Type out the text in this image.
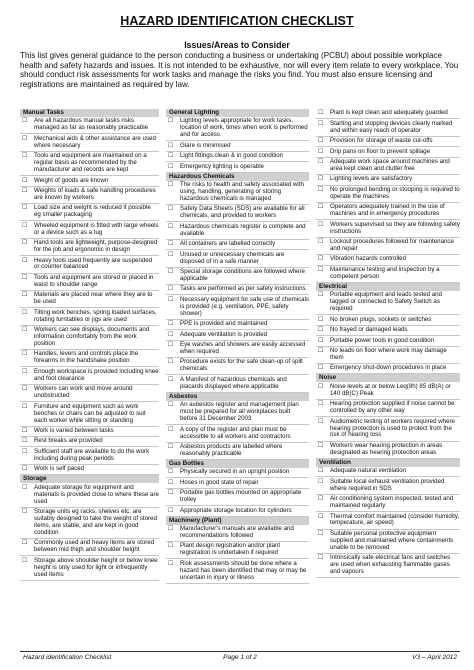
HAZARD IDENTIFICATION CHECKLIST
Issues/Areas to Consider
This list gives general guidance to the person conducting a business or undertaking (PCBU) about possible workplace health and safety hazards and issues. It is not intended to be exhaustive, nor will every item relate to every workplace. You should conduct risk assessments for work tasks and manage the risks you find. You must also ensure licensing and registrations are maintained as required by law.
Manual Tasks
☐	Are all hazardous manual tasks risks managed as far as reasonably practicable
☐	Mechanical aids & other assistance are used where necessary
☐	Tools and equipment are maintained on a regular basis as recommended by the manufacturer and records are kept
☐	Weight of goods are known
☐	Weights of loads & safe handling procedures are known by workers
☐	Load size and weight is reduced if possible eg smaller packaging
☐	Wheeled equipment is fitted with large wheels or a device such as a tug
☐	Hand tools are lightweight, purpose-designed for the job and ergonomic in design
☐	Heavy tools used frequently are suspended or counter balanced
☐	Tools and equipment are stored or placed in waist to shoulder range
☐	Materials are placed near where they are to be used
☐	Tilting work benches, spring loaded surfaces, rotating turntables or jigs are used
☐	Workers can see displays, documents and information comfortably from the work position
☐	Handles, levers and controls place the forearms in the handshake position
☐	Enough workspace is provided including knee and foot clearance
☐	Workers can work and move around unobstructed
☐	Furniture and equipment such as work benches or chairs can be adjusted to suit each worker while sitting or standing
☐	Work is varied between tasks
☐	Rest breaks are provided
☐	Sufficient staff are available to do the work including during peak periods
☐	Work is self paced
Storage
☐	Adequate storage for equipment and materials is provided close to where these are used
☐	Storage units eg racks, shelves etc. are suitably designed to take the weight of stored items, are stable, and are kept in good condition
☐	Commonly used and heavy items are stored between mid thigh and shoulder height
☐	Storage above shoulder height or below knee height is only used for light or infrequently used items
General Lighting
☐	Lighting levels appropriate for work tasks, location of work, times when work is performed and for access
☐	Glare is minimised
☐	Light fittings clean & in good condition
☐	Emergency lighting is operable
Hazardous Chemicals
☐	The risks to health and safety associated with using, handling, generating or storing hazardous chemicals is managed
☐	Safety Data Sheets (SDS) are available for all chemicals, and provided to workers
☐	Hazardous chemicals register is complete and available
☐	All containers are labelled correctly
☐	Unused or unnecessary chemicals are disposed of in a safe manner
☐	Special storage conditions are followed where applicable
☐	Tasks are performed as per safety instructions
☐	Necessary equipment for safe use of chemicals is provided (e.g. ventilation, PPE, safety shower)
☐	PPE is provided and maintained
☐	Adequate ventilation is provided
☐	Eye washes and showers are easily accessed when required
☐	Procedure exists for the safe clean-up of spilt chemicals
☐	A Manifest of hazardous chemicals and placards displayed where applicable
Asbestos
☐	An asbestos register and management plan must be prepared for all workplaces built before 31 December 2003
☐	A copy of the register and plan must be accessible to all workers and contractors
☐	Asbestos products are labelled where reasonably practicable
Gas Bottles
☐	Physically secured in an upright position
☐	Hoses in good state of repair
☐	Portable gas bottles mounted on appropriate trolley
☐	Appropriate storage location for cylinders
Machinery (Plant)
☐	Manufacturer's manuals are available and recommendations followed
☐	Plant design registration and/or plant registration is undertaken if required
☐	Risk assessments should be done where a hazard has been identified that may or may be uncertain in injury or illness
☐	Plant is kept clean and adequately guarded
☐	Starting and stopping devices clearly marked and within easy reach of operator
☐	Provision for storage of waste cut-offs
☐	Drip pans on floor to prevent spillage
☐	Adequate work space around machines and area kept clean and clutter free
☐	Lighting levels are satisfactory
☐	No prolonged bending or stooping is required to operate the machines
☐	Operators adequately trained in the use of machines and in emergency procedures
☐	Workers supervised so they are following safety instructions
☐	Lockout procedures followed for maintenance and repair
☐	Vibration hazards controlled
☐	Maintenance testing and inspection by a competent person
Electrical
☐	Portable equipment and leads tested and tagged or connected to Safety Switch as required
☐	No broken plugs, sockets or switches
☐	No frayed or damaged leads
☐	Portable power tools in good condition
☐	No leads on floor where work may damage them
☐	Emergency shut-down procedures in place
Noise
☐	Noise levels at or below Leq(8h) 85 dB(A) or 140 dB(C) Peak
☐	Hearing protection supplied if noise cannot be controlled by any other way
☐	Audiometric testing of workers required where hearing protection is used to protect from the risk of hearing loss
☐	Workers wear hearing protection in areas designated as hearing protection areas
Ventilation
☐	Adequate natural ventilation
☐	Suitable local exhaust ventilation provided where required in SDS
☐	Air conditioning system inspected, tested and maintained regularly
☐	Thermal comfort maintained (consider humidity, temperature, air speed)
☐	Suitable personal protective equipment supplied and maintained where containments unable to be removed
☐	Intrinsically safe electrical fans and switches are used when exhausting flammable gases and vapours
Hazard identification Checklist	Page 1 of 2	V3 – April 2012
